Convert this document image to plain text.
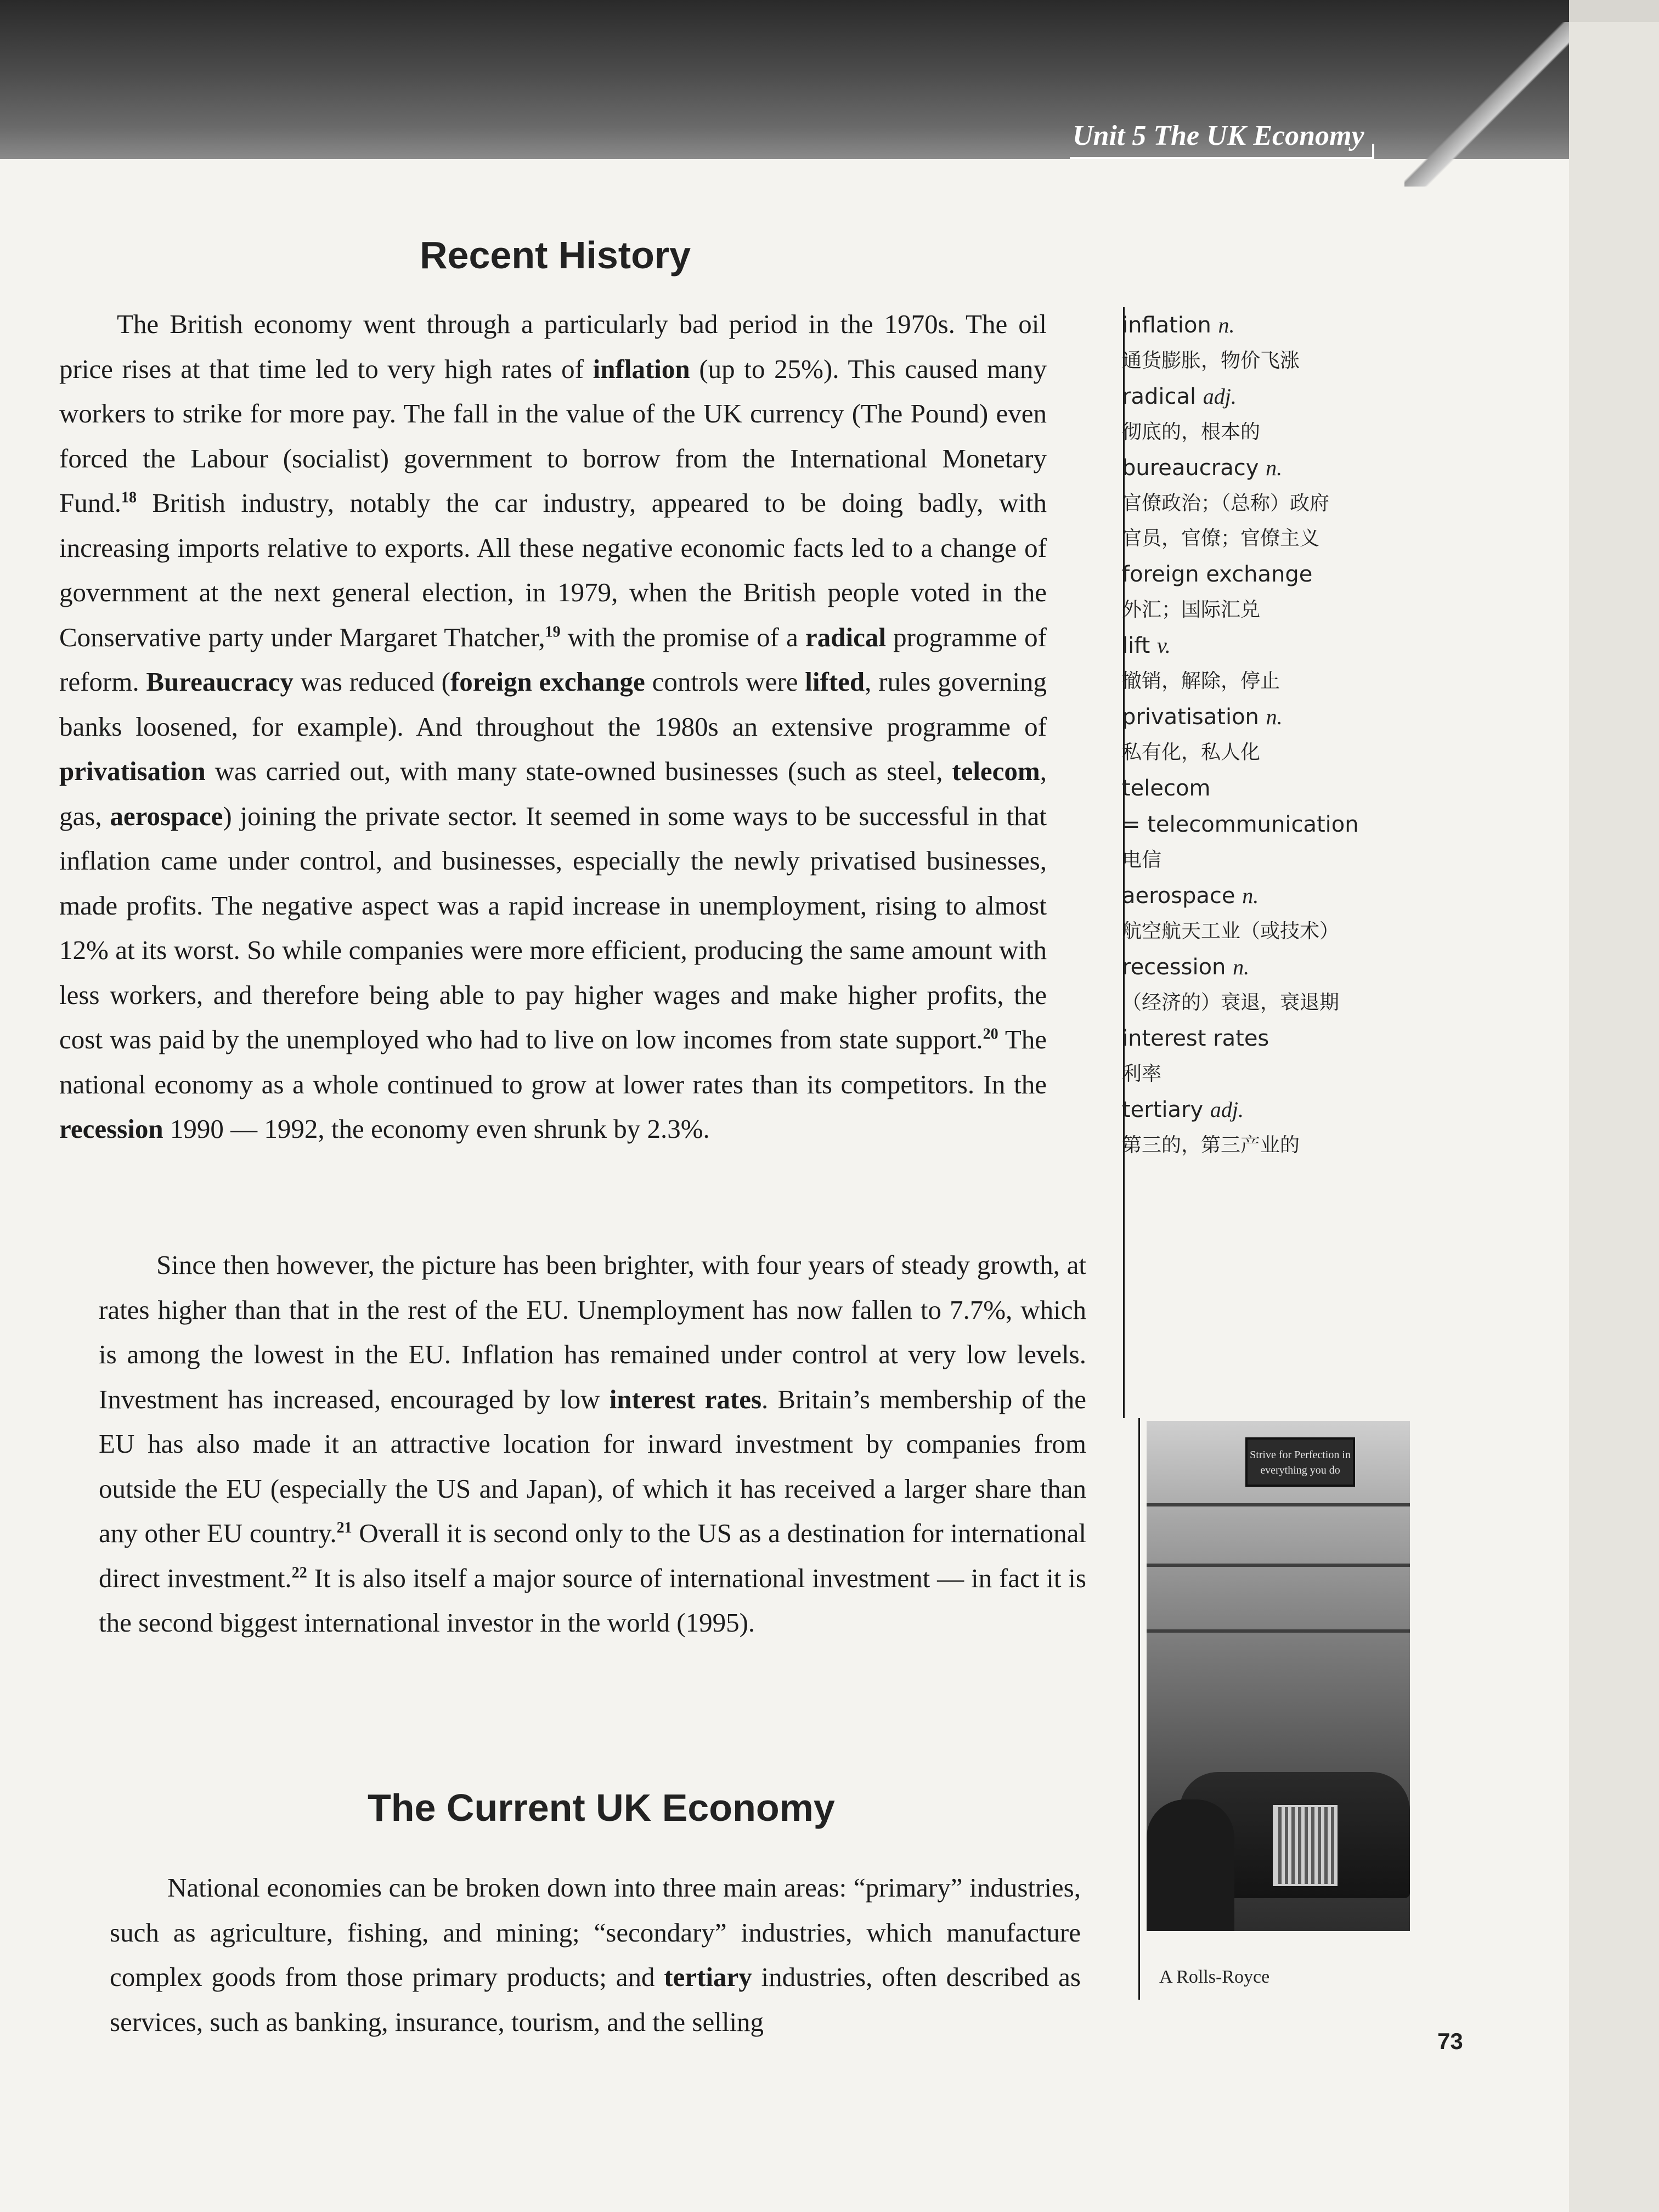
Unit 5 The UK Economy
Recent History
The British economy went through a particularly bad period in the 1970s. The oil price rises at that time led to very high rates of inflation (up to 25%). This caused many workers to strike for more pay. The fall in the value of the UK currency (The Pound) even forced the Labour (socialist) government to borrow from the International Monetary Fund.$^{18}$ British industry, notably the car industry, appeared to be doing badly, with increasing imports relative to exports. All these negative economic facts led to a change of government at the next general election, in 1979, when the British people voted in the Conservative party under Margaret Thatcher,$^{19}$ with the promise of a radical programme of reform. Bureaucracy was reduced (foreign exchange controls were lifted, rules governing banks loosened, for example). And throughout the 1980s an extensive programme of privatisation was carried out, with many state-owned businesses (such as steel, telecom, gas, aerospace) joining the private sector. It seemed in some ways to be successful in that inflation came under control, and businesses, especially the newly privatised businesses, made profits. The negative aspect was a rapid increase in unemployment, rising to almost 12% at its worst. So while companies were more efficient, producing the same amount with less workers, and therefore being able to pay higher wages and make higher profits, the cost was paid by the unemployed who had to live on low incomes from state support.$^{20}$ The national economy as a whole continued to grow at lower rates than its competitors. In the recession 1990 — 1992, the economy even shrunk by 2.3%.
Since then however, the picture has been brighter, with four years of steady growth, at rates higher than that in the rest of the EU. Unemployment has now fallen to 7.7%, which is among the lowest in the EU. Inflation has remained under control at very low levels. Investment has increased, encouraged by low interest rates. Britain’s membership of the EU has also made it an attractive location for inward investment by companies from outside the EU (especially the US and Japan), of which it has received a larger share than any other EU country.$^{21}$ Overall it is second only to the US as a destination for international direct investment.$^{22}$ It is also itself a major source of international investment — in fact it is the second biggest international investor in the world (1995).
The Current UK Economy
National economies can be broken down into three main areas: “primary” industries, such as agriculture, fishing, and mining; “secondary” industries, which manufacture complex goods from those primary products; and tertiary industries, often described as services, such as banking, insurance, tourism, and the selling
inflation n.
通货膨胀，物价飞涨
radical adj.
彻底的，根本的
bureaucracy n.
官僚政治；（总称）政府
官员，官僚；官僚主义
foreign exchange
外汇；国际汇兑
lift v.
撤销，解除，停止
privatisation n.
私有化，私人化
telecom
= telecommunication
电信
aerospace n.
航空航天工业（或技术）
recession n.
（经济的）衰退，衰退期
interest rates
利率
tertiary adj.
第三的，第三产业的
Strive for Perfection in everything you do
A Rolls-Royce
73
